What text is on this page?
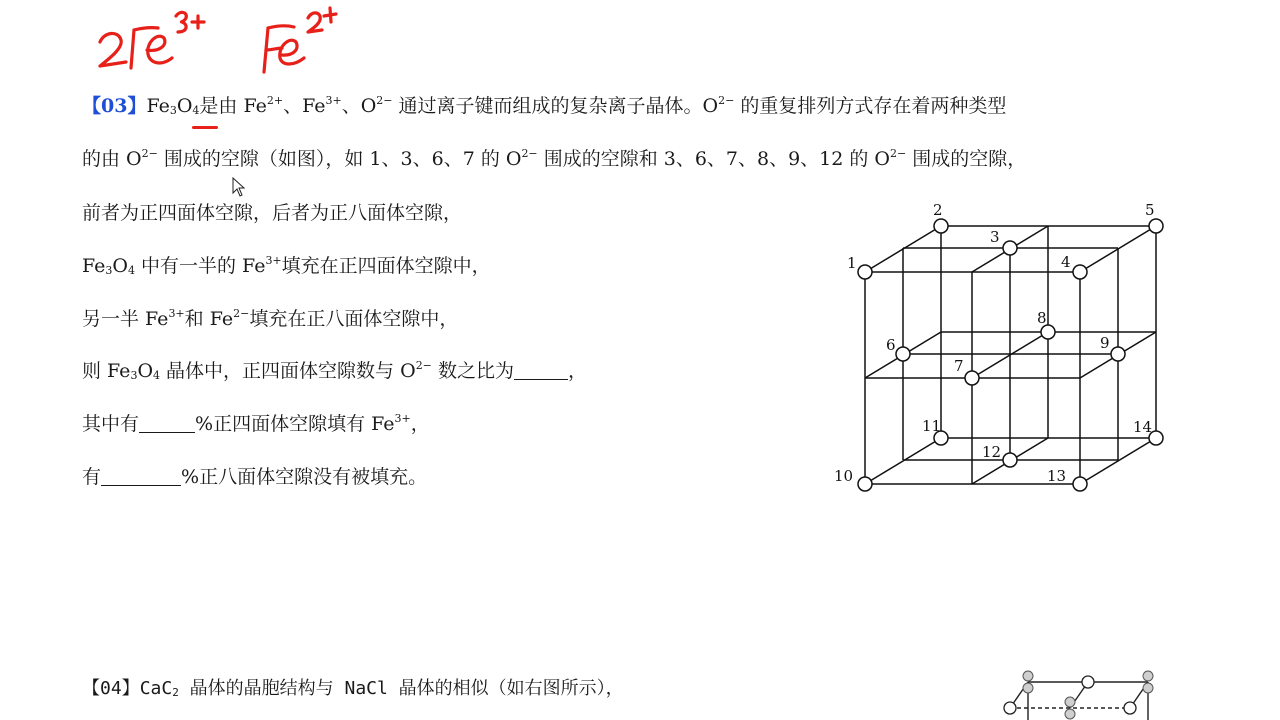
【03】$Fe_3O_4$是由 $Fe^{2+}$、$Fe^{3+}$、$O^{2-}$ 通过离子键而组成的复杂离子晶体。$O^{2-}$ 的重复排列方式存在着两种类型
的由 $O^{2-}$ 围成的空隙（如图），如 1、3、6、7 的 $O^{2-}$ 围成的空隙和 3、6、7、8、9、12 的 $O^{2-}$ 围成的空隙，
前者为正四面体空隙，后者为正八面体空隙，
$Fe_3O_4$ 中有一半的 $Fe^{3+}$填充在正四面体空隙中，
另一半 $Fe^{3+}$和 $Fe^{2-}$填充在正八面体空隙中，
则 $Fe_3O_4$ 晶体中，正四面体空隙数与 $O^{2-}$ 数之比为	，
其中有	%正四面体空隙填有 $Fe^{3+}$，
有	%正八面体空隙没有被填充。
1
2
3
4
5
6
7
8
9
10
11
12
13
14
【04】CaC$_2$ 晶体的晶胞结构与 NaCl 晶体的相似（如右图所示），
